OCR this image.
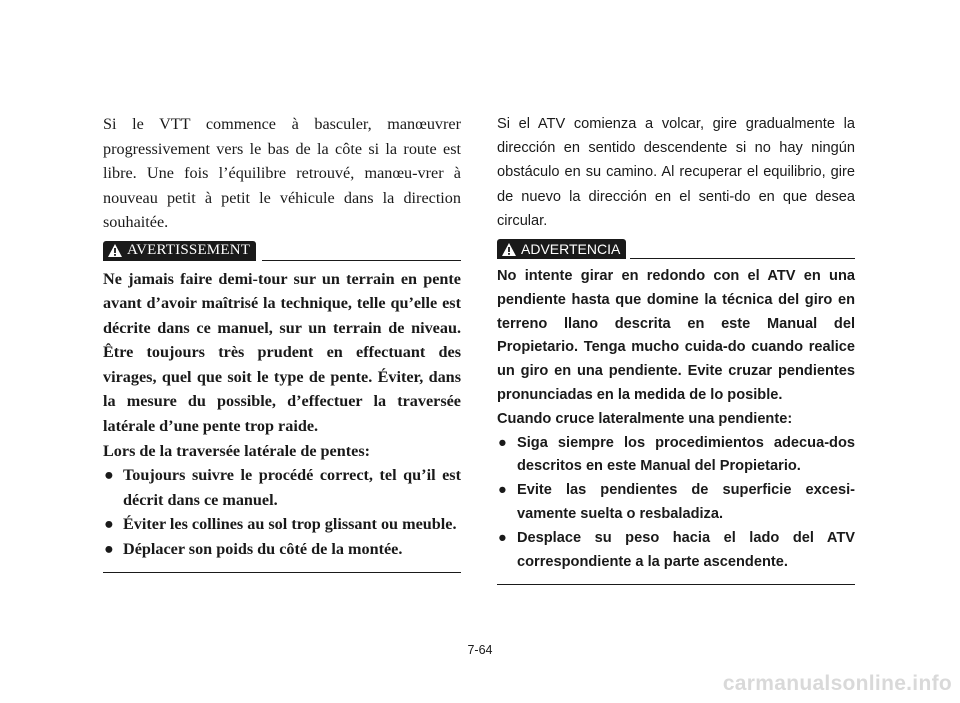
Si le VTT commence à basculer, manœuvrer progressivement vers le bas de la côte si la route est libre. Une fois l’équilibre retrouvé, manœu-vrer à nouveau petit à petit le véhicule dans la direction souhaitée.

AVERTISSEMENT

Ne jamais faire demi-tour sur un terrain en pente avant d’avoir maîtrisé la technique, telle qu’elle est décrite dans ce manuel, sur un terrain de niveau. Être toujours très prudent en effectuant des virages, quel que soit le type de pente. Éviter, dans la mesure du possible, d’effectuer la traversée latérale d’une pente trop raide.

Lors de la traversée latérale de pentes:

● Toujours suivre le procédé correct, tel qu’il est décrit dans ce manuel.
● Éviter les collines au sol trop glissant ou meuble.
● Déplacer son poids du côté de la montée.

Si el ATV comienza a volcar, gire gradualmente la dirección en sentido descendente si no hay ningún obstáculo en su camino. Al recuperar el equilibrio, gire de nuevo la dirección en el senti-do en que desea circular.

ADVERTENCIA

No intente girar en redondo con el ATV en una pendiente hasta que domine la técnica del giro en terreno llano descrita en este Manual del Propietario. Tenga mucho cuida-do cuando realice un giro en una pendiente. Evite cruzar pendientes pronunciadas en la medida de lo posible.

Cuando cruce lateralmente una pendiente:

● Siga siempre los procedimientos adecua-dos descritos en este Manual del Propietario.
● Evite las pendientes de superficie excesi-vamente suelta o resbaladiza.
● Desplace su peso hacia el lado del ATV correspondiente a la parte ascendente.
7-64
carmanualsonline.info
